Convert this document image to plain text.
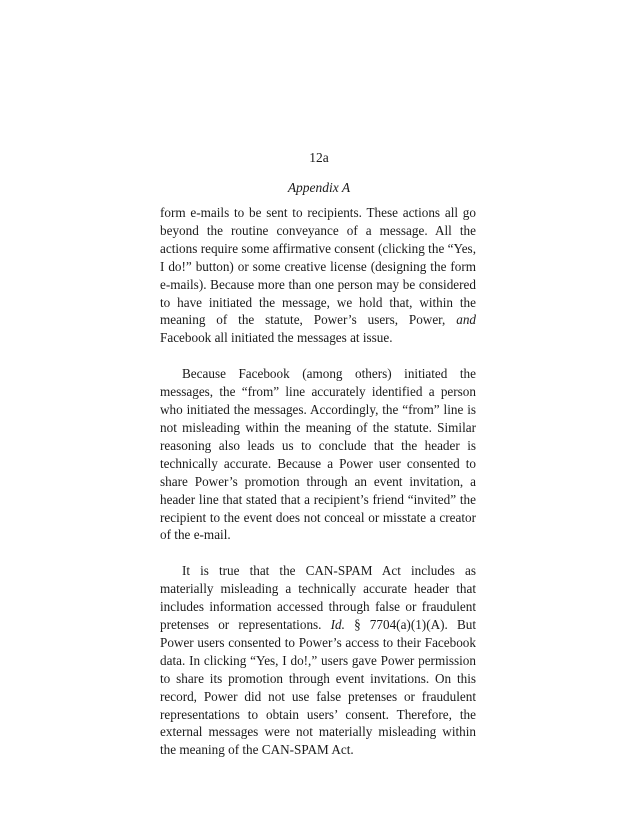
12a
Appendix A

form e-mails to be sent to recipients. These actions all go beyond the routine conveyance of a message. All the actions require some affirmative consent (clicking the “Yes, I do!” button) or some creative license (designing the form e-mails). Because more than one person may be considered to have initiated the message, we hold that, within the meaning of the statute, Power’s users, Power, and Facebook all initiated the messages at issue.

Because Facebook (among others) initiated the messages, the “from” line accurately identified a person who initiated the messages. Accordingly, the “from” line is not misleading within the meaning of the statute. Similar reasoning also leads us to conclude that the header is technically accurate. Because a Power user consented to share Power’s promotion through an event invitation, a header line that stated that a recipient’s friend “invited” the recipient to the event does not conceal or misstate a creator of the e-mail.

It is true that the CAN-SPAM Act includes as materially misleading a technically accurate header that includes information accessed through false or fraudulent pretenses or representations. Id. § 7704(a)(1)(A). But Power users consented to Power’s access to their Facebook data. In clicking “Yes, I do!,” users gave Power permission to share its promotion through event invitations. On this record, Power did not use false pretenses or fraudulent representations to obtain users’ consent. Therefore, the external messages were not materially misleading within the meaning of the CAN-SPAM Act.
